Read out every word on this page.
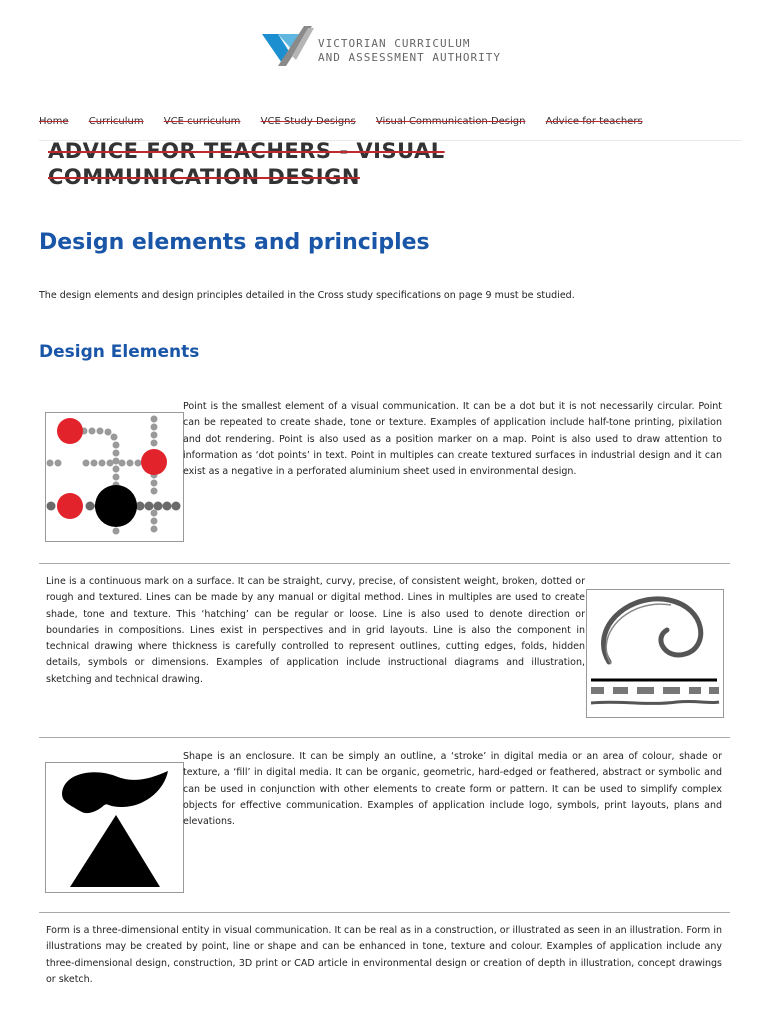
VICTORIAN CURRICULUM
AND ASSESSMENT AUTHORITY
Home Curriculum VCE curriculum VCE Study Designs Visual Communication Design Advice for teachers
ADVICE FOR TEACHERS - VISUAL
COMMUNICATION DESIGN
Design elements and principles

The design elements and design principles detailed in the Cross study specifications on page 9 must be studied.

Design Elements

Point is the smallest element of a visual communication. It can be a dot but it is not necessarily circular. Point can be repeated to create shade, tone or texture. Examples of application include half-tone printing, pixilation and dot rendering. Point is also used as a position marker on a map. Point is also used to draw attention to information as ‘dot points’ in text. Point in multiples can create textured surfaces in industrial design and it can exist as a negative in a perforated aluminium sheet used in environmental design.

Line is a continuous mark on a surface. It can be straight, curvy, precise, of consistent weight, broken, dotted or rough and textured. Lines can be made by any manual or digital method. Lines in multiples are used to create shade, tone and texture. This ‘hatching’ can be regular or loose. Line is also used to denote direction or boundaries in compositions. Lines exist in perspectives and in grid layouts. Line is also the component in technical drawing where thickness is carefully controlled to represent outlines, cutting edges, folds, hidden details, symbols or dimensions. Examples of application include instructional diagrams and illustration, sketching and technical drawing.

Shape is an enclosure. It can be simply an outline, a ‘stroke’ in digital media or an area of colour, shade or texture, a ‘fill’ in digital media. It can be organic, geometric, hard-edged or feathered, abstract or symbolic and can be used in conjunction with other elements to create form or pattern. It can be used to simplify complex objects for effective communication. Examples of application include logo, symbols, print layouts, plans and elevations.

Form is a three-dimensional entity in visual communication. It can be real as in a construction, or illustrated as seen in an illustration. Form in illustrations may be created by point, line or shape and can be enhanced in tone, texture and colour. Examples of application include any three-dimensional design, construction, 3D print or CAD article in environmental design or creation of depth in illustration, concept drawings or sketch.
